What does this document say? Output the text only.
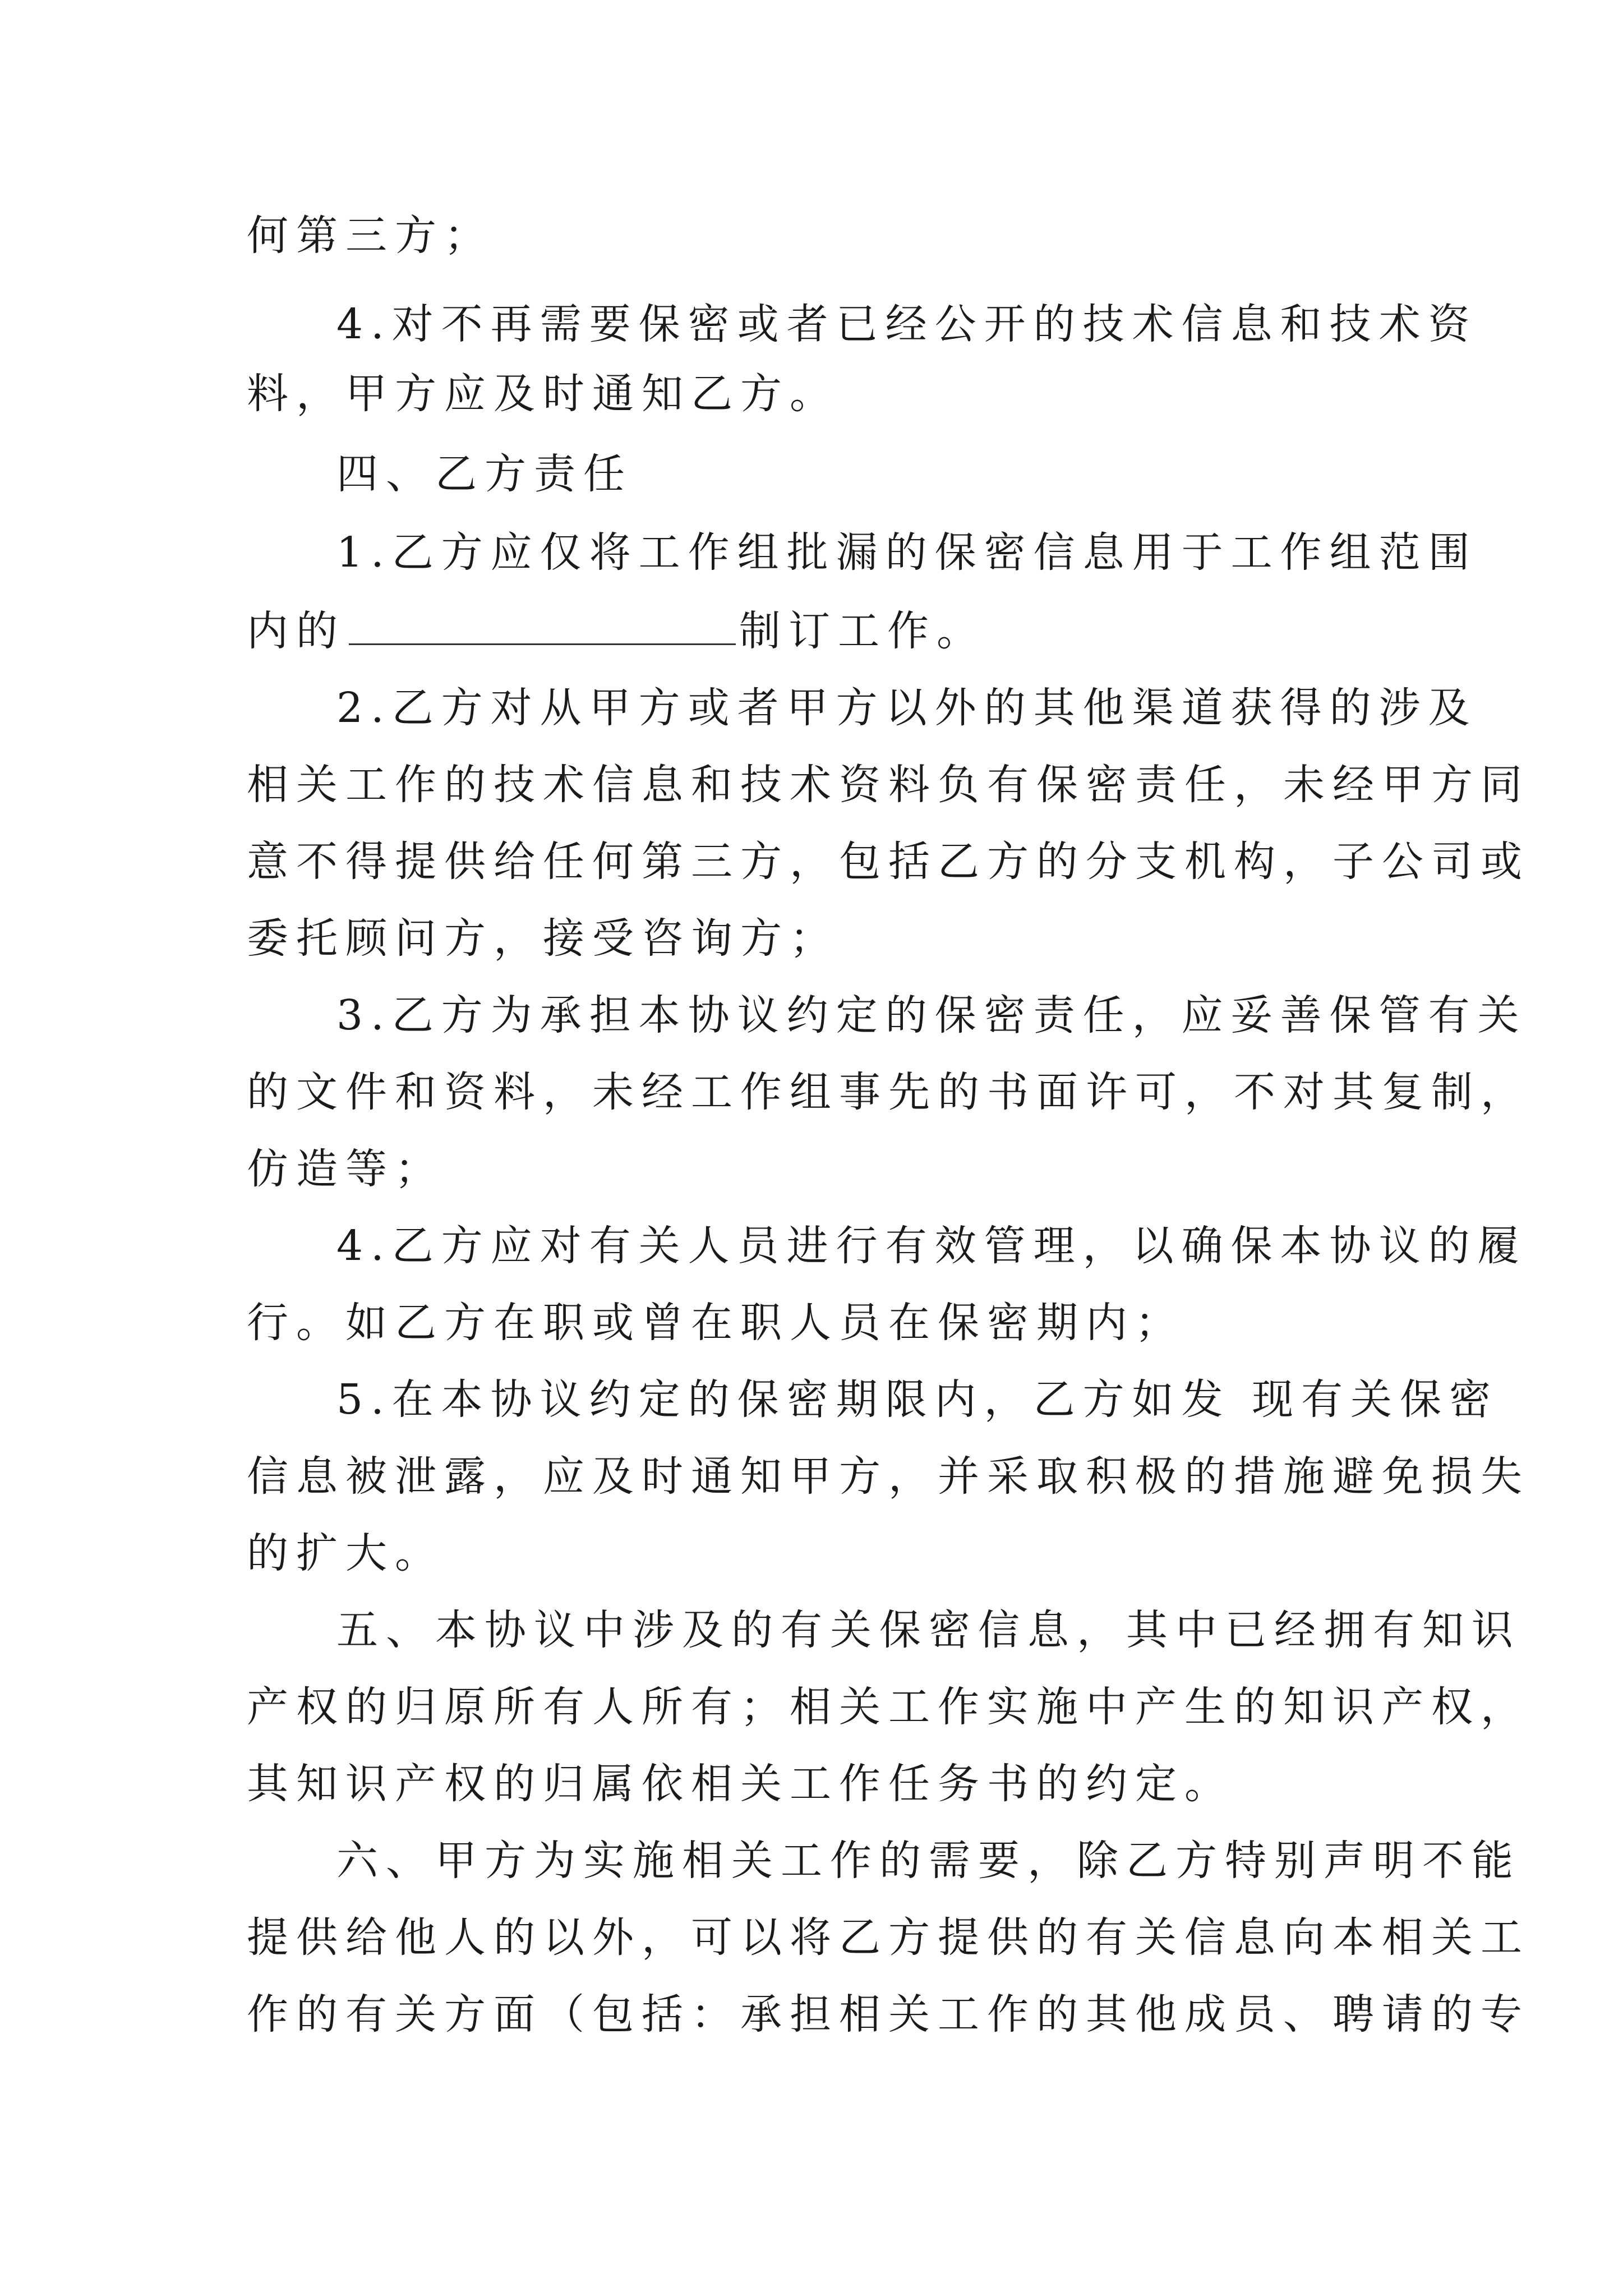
何第三方；
4.对不再需要保密或者已经公开的技术信息和技术资
料，甲方应及时通知乙方。
四、乙方责任
1.乙方应仅将工作组批漏的保密信息用于工作组范围
内的	制订工作。
2.乙方对从甲方或者甲方以外的其他渠道获得的涉及
相关工作的技术信息和技术资料负有保密责任，未经甲方同
意不得提供给任何第三方，包括乙方的分支机构，子公司或
委托顾问方，接受咨询方；
3.乙方为承担本协议约定的保密责任，应妥善保管有关
的文件和资料，未经工作组事先的书面许可，不对其复制，
仿造等；
4.乙方应对有关人员进行有效管理，以确保本协议的履
行。如乙方在职或曾在职人员在保密期内；
5.在本协议约定的保密期限内，乙方如发 现有关保密
信息被泄露，应及时通知甲方，并采取积极的措施避免损失
的扩大。
五、本协议中涉及的有关保密信息，其中已经拥有知识
产权的归原所有人所有；相关工作实施中产生的知识产权，
其知识产权的归属依相关工作任务书的约定。
六、甲方为实施相关工作的需要，除乙方特别声明不能
提供给他人的以外，可以将乙方提供的有关信息向本相关工
作的有关方面（包括：承担相关工作的其他成员、聘请的专
